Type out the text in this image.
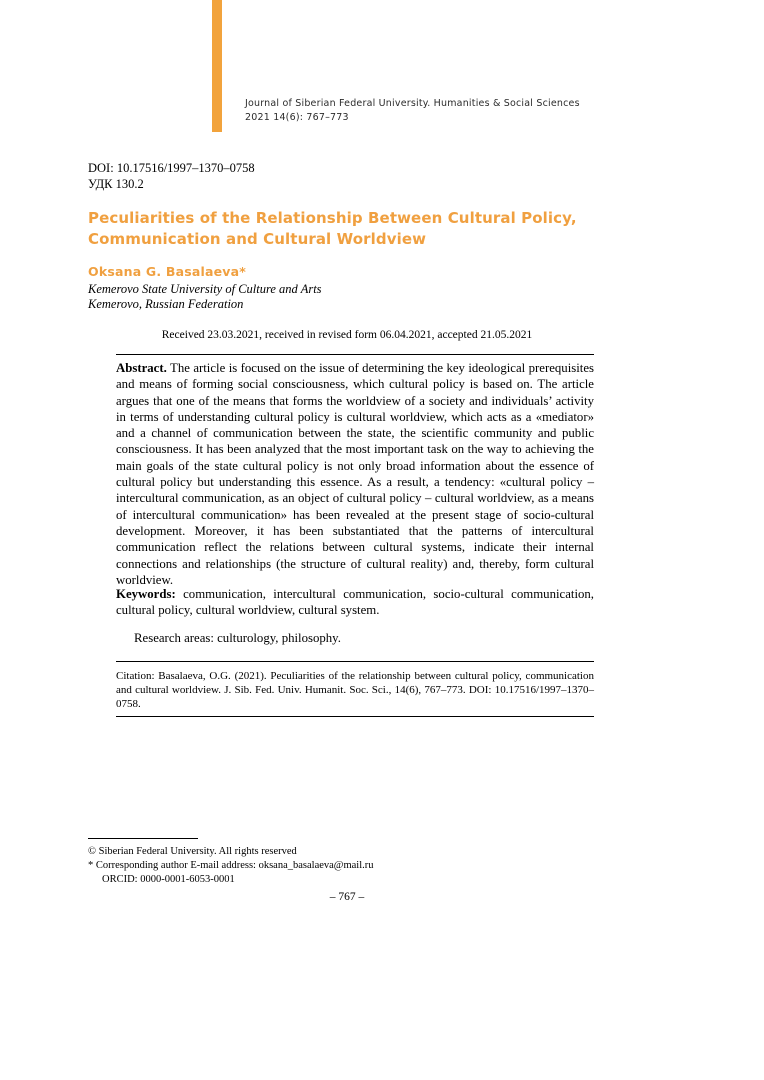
Journal of Siberian Federal University. Humanities & Social Sciences
2021 14(6): 767–773
DOI: 10.17516/1997–1370–0758
УДК 130.2
Peculiarities of the Relationship Between Cultural Policy, Communication and Cultural Worldview
Oksana G. Basalaeva*
Kemerovo State University of Culture and Arts
Kemerovo, Russian Federation
Received 23.03.2021, received in revised form 06.04.2021, accepted 21.05.2021
Abstract. The article is focused on the issue of determining the key ideological prerequisites and means of forming social consciousness, which cultural policy is based on. The article argues that one of the means that forms the worldview of a society and individuals’ activity in terms of understanding cultural policy is cultural worldview, which acts as a «mediator» and a channel of communication between the state, the scientific community and public consciousness. It has been analyzed that the most important task on the way to achieving the main goals of the state cultural policy is not only broad information about the essence of cultural policy but understanding this essence. As a result, a tendency: «cultural policy – intercultural communication, as an object of cultural policy – cultural worldview, as a means of intercultural communication» has been revealed at the present stage of socio-cultural development. Moreover, it has been substantiated that the patterns of intercultural communication reflect the relations between cultural systems, indicate their internal connections and relationships (the structure of cultural reality) and, thereby, form cultural worldview.
Keywords: communication, intercultural communication, socio-cultural communication, cultural policy, cultural worldview, cultural system.
Research areas: culturology, philosophy.
Citation: Basalaeva, O.G. (2021). Peculiarities of the relationship between cultural policy, communication and cultural worldview. J. Sib. Fed. Univ. Humanit. Soc. Sci., 14(6), 767–773. DOI: 10.17516/1997–1370–0758.
© Siberian Federal University. All rights reserved
* Corresponding author E-mail address: oksana_basalaeva@mail.ru
ORCID: 0000-0001-6053-0001
– 767 –
